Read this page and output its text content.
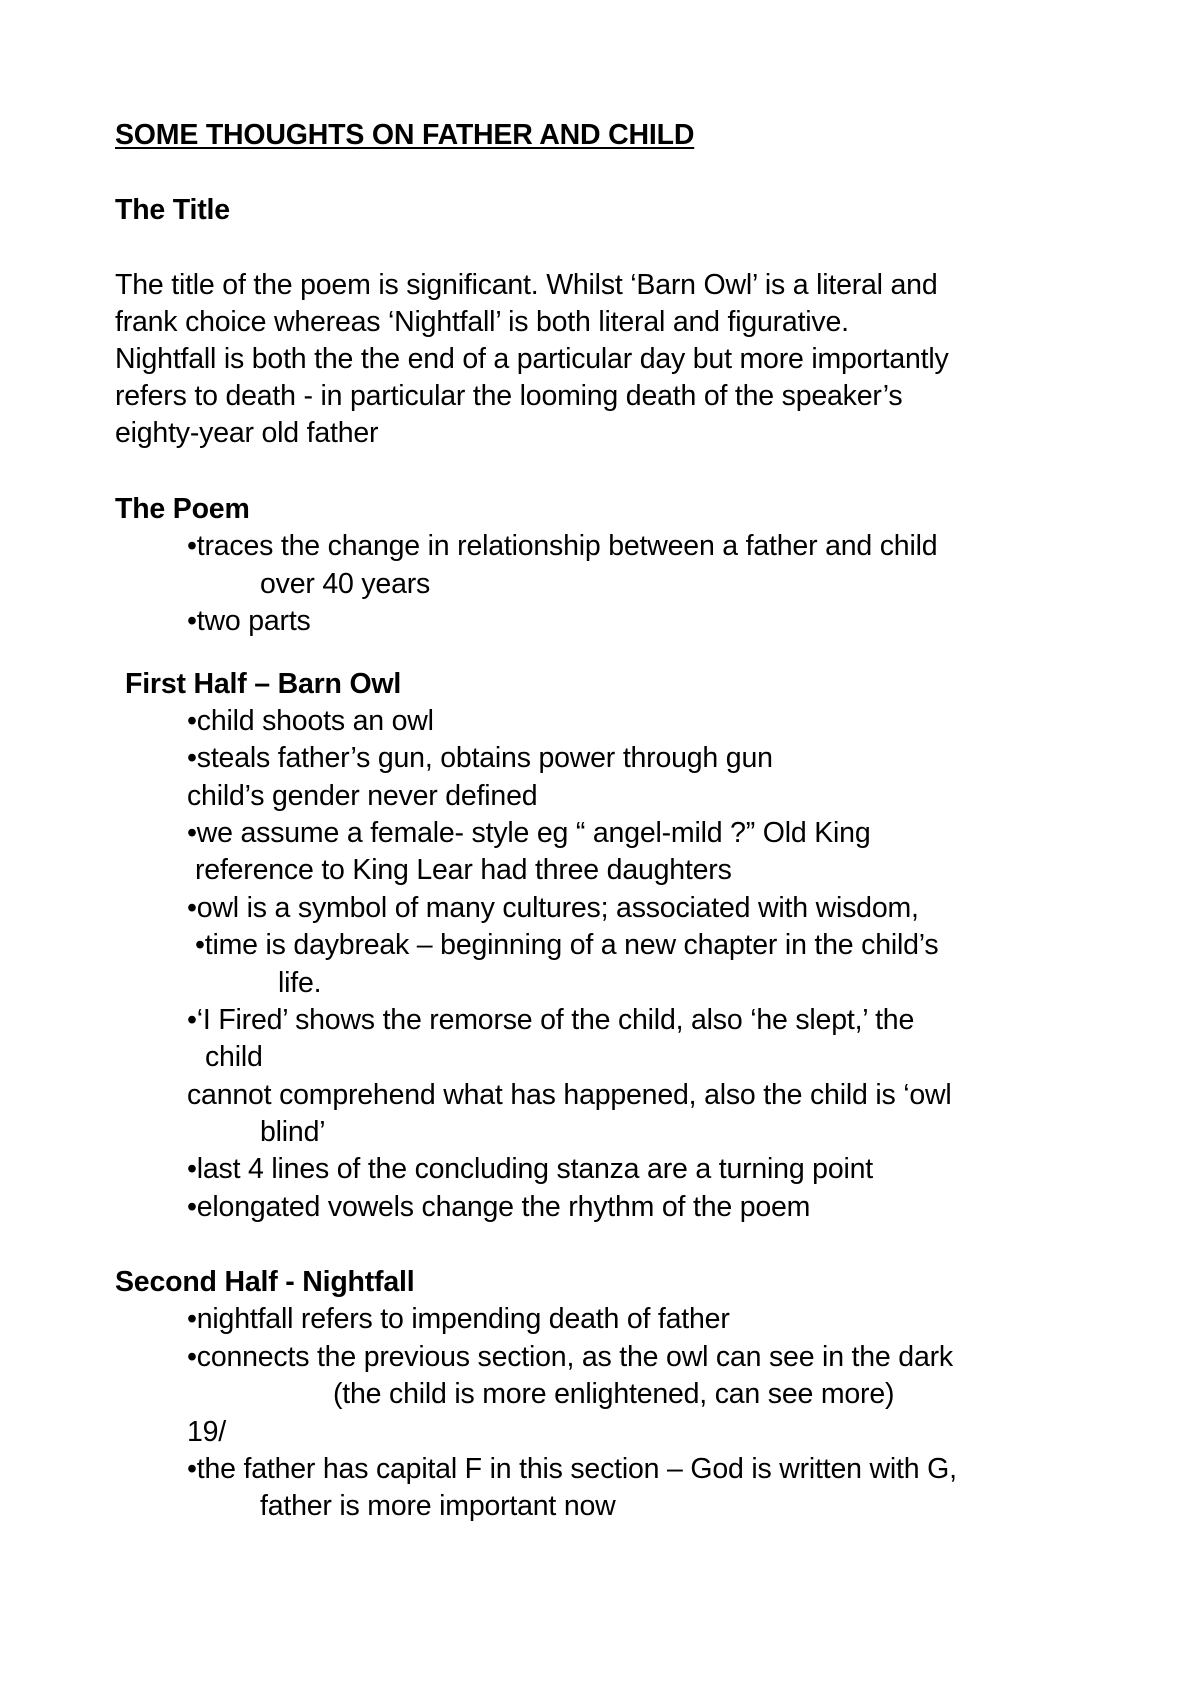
SOME THOUGHTS ON FATHER AND CHILD
The Title
The title of the poem is significant. Whilst ‘Barn Owl’ is a literal and
frank choice whereas ‘Nightfall’ is both literal and figurative.
Nightfall is both the the end of a particular day but more importantly
refers to death - in particular the looming death of the speaker’s
eighty-year old father
The Poem
•traces the change in relationship between a father and child
over 40 years
•two parts
First Half – Barn Owl
•child shoots an owl
•steals father’s gun, obtains power through gun
child’s gender never defined
•we assume a female- style eg “ angel-mild ?” Old King
reference to King Lear had three daughters
•owl is a symbol of many cultures; associated with wisdom,
•time is daybreak – beginning of a new chapter in the child’s
life.
•‘I Fired’ shows the remorse of the child, also ‘he slept,’ the
child
cannot comprehend what has happened, also the child is ‘owl
blind’
•last 4 lines of the concluding stanza are a turning point
•elongated vowels change the rhythm of the poem
Second Half - Nightfall
•nightfall refers to impending death of father
•connects the previous section, as the owl can see in the dark
(the child is more enlightened, can see more)
19/
•the father has capital F in this section – God is written with G,
father is more important now
